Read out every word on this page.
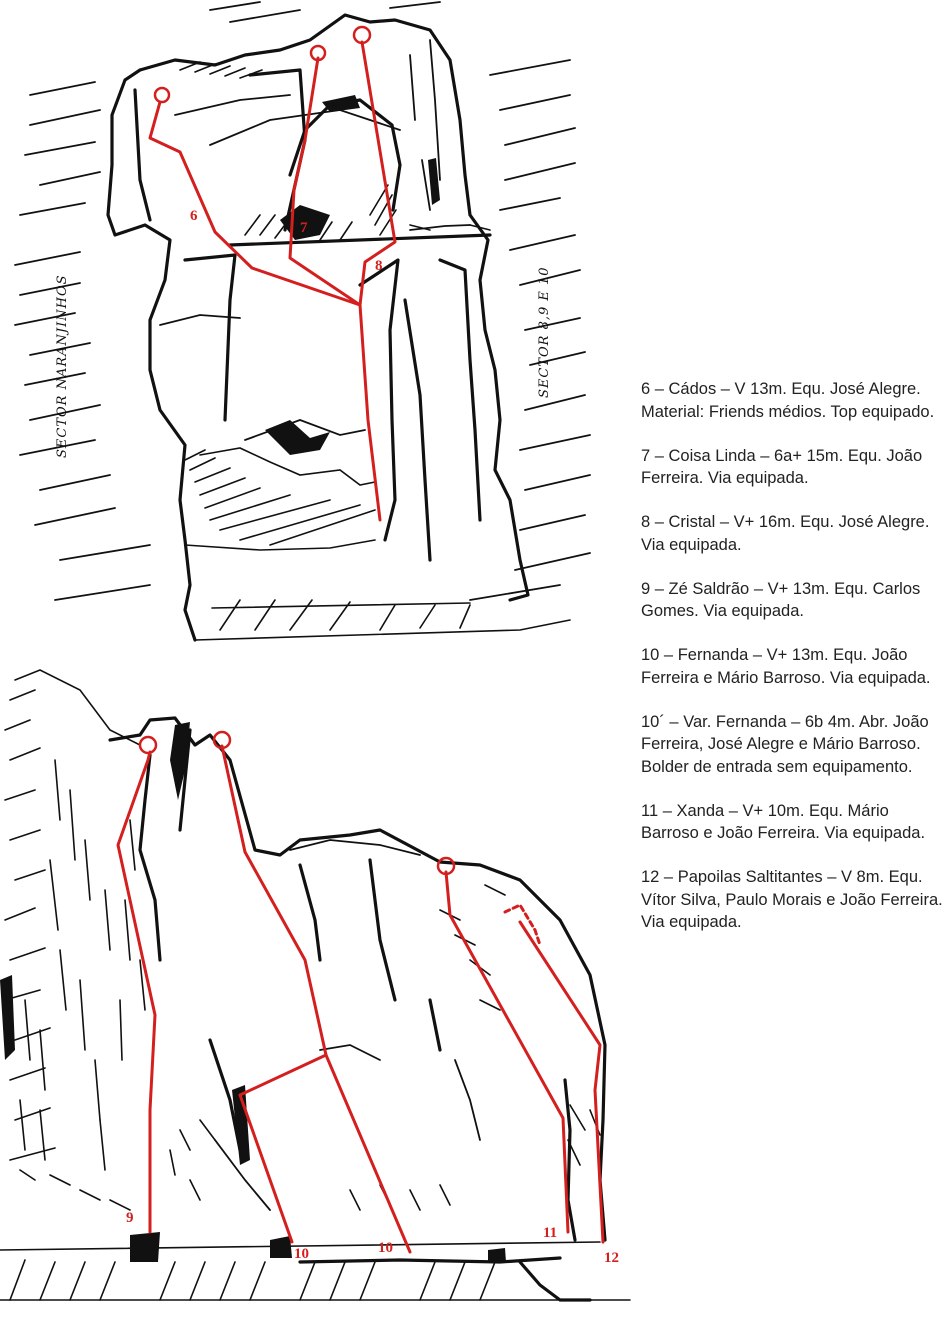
SECTOR NARANJINHOS	SECTOR 8,9 E 10
6
7
8
9
10	10
11
12

6 – Cádos – V 13m. Equ. José Alegre. Material: Friends médios. Top equipado.

7 – Coisa Linda – 6a+ 15m. Equ. João Ferreira. Via equipada.

8 – Cristal – V+ 16m. Equ. José Alegre. Via equipada.

9 – Zé Saldrão – V+ 13m. Equ. Carlos Gomes. Via equipada.

10 – Fernanda – V+ 13m. Equ. João Ferreira e Mário Barroso. Via equipada.

10´ – Var. Fernanda – 6b 4m. Abr. João Ferreira, José Alegre e Mário Barroso. Bolder de entrada sem equipamento.

11 – Xanda – V+ 10m. Equ. Mário Barroso e João Ferreira. Via equipada.

12 – Papoilas Saltitantes – V 8m. Equ. Vítor Silva, Paulo Morais e João Ferreira. Via equipada.
